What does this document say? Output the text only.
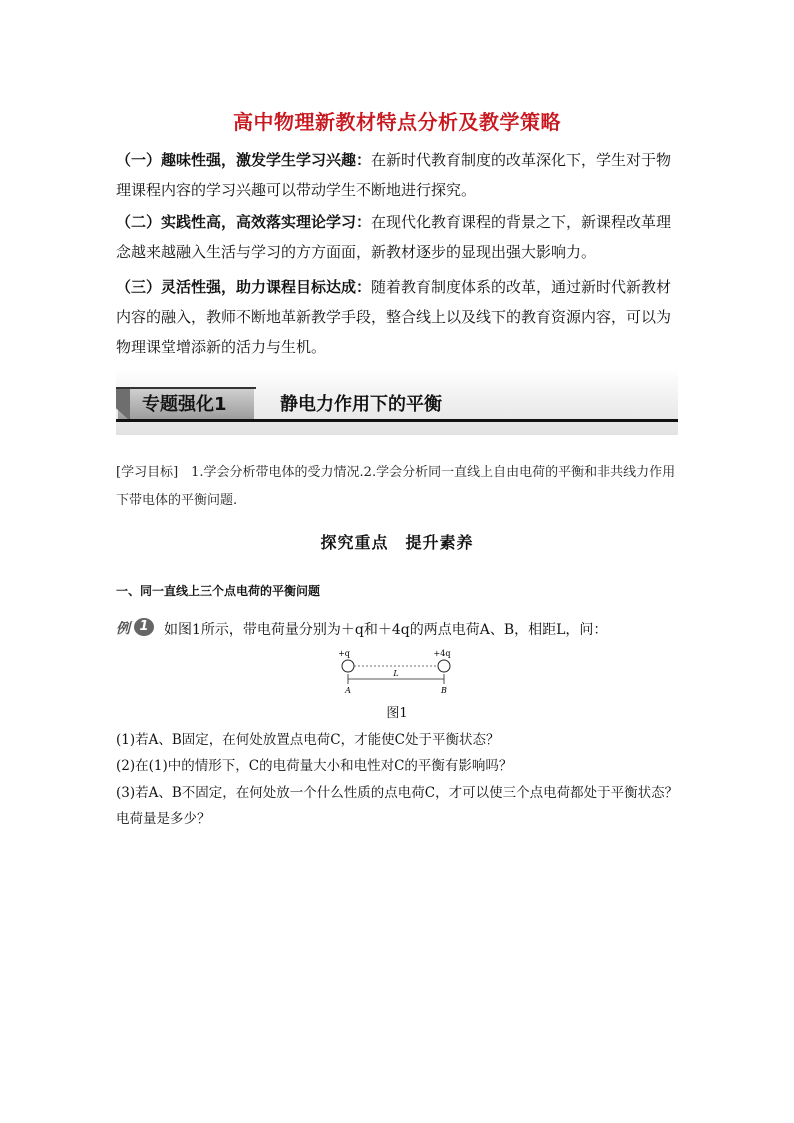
高中物理新教材特点分析及教学策略
（一）趣味性强，激发学生学习兴趣：在新时代教育制度的改革深化下，学生对于物理课程内容的学习兴趣可以带动学生不断地进行探究。
（二）实践性高，高效落实理论学习：在现代化教育课程的背景之下，新课程改革理念越来越融入生活与学习的方方面面，新教材逐步的显现出强大影响力。
（三）灵活性强，助力课程目标达成：随着教育制度体系的改革，通过新时代新教材内容的融入，教师不断地革新教学手段，整合线上以及线下的教育资源内容，可以为物理课堂增添新的活力与生机。
专题强化1	静电力作用下的平衡
[学习目标]　1.学会分析带电体的受力情况.2.学会分析同一直线上自由电荷的平衡和非共线力作用下带电体的平衡问题.
探究重点　提升素养
一、同一直线上三个点电荷的平衡问题
例 1	如图1所示，带电荷量分别为＋q和＋4q的两点电荷A、B，相距L，问：
+q	+4q
L
A	B
图1
(1)若A、B固定，在何处放置点电荷C，才能使C处于平衡状态？
(2)在(1)中的情形下，C的电荷量大小和电性对C的平衡有影响吗？
(3)若A、B不固定，在何处放一个什么性质的点电荷C，才可以使三个点电荷都处于平衡状态？电荷量是多少？
